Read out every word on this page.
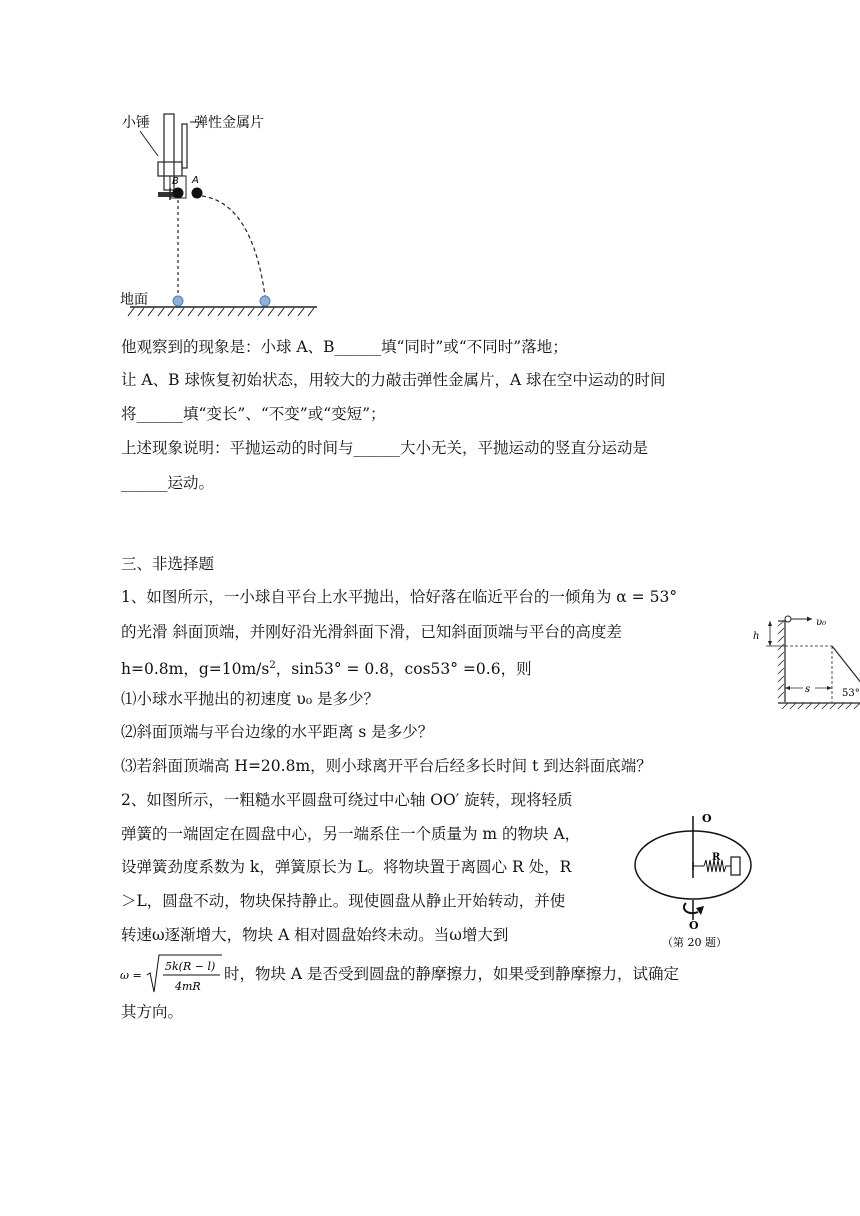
小锤	弹性金属片
地面
B A
他观察到的现象是：小球 A、B______填“同时”或“不同时”落地；
让 A、B 球恢复初始状态，用较大的力敲击弹性金属片，A 球在空中运动的时间
将______填“变长”、“不变”或“变短”；
上述现象说明：平抛运动的时间与______大小无关，平抛运动的竖直分运动是
______运动。
三、非选择题
1、如图所示，一小球自平台上水平抛出，恰好落在临近平台的一倾角为 α = 53°
的光滑 斜面顶端，并刚好沿光滑斜面下滑，已知斜面顶端与平台的高度差
h=0.8m，$g=10m/s^2$，sin53° = 0.8，cos53° =0.6，则
⑴小球水平抛出的初速度 υ₀ 是多少？
⑵斜面顶端与平台边缘的水平距离 s 是多少？
⑶若斜面顶端高 H=20.8m，则小球离开平台后经多长时间 t 到达斜面底端？
υ₀
h
s	53°
2、如图所示，一粗糙水平圆盘可绕过中心轴 OO′ 旋转，现将轻质
弹簧的一端固定在圆盘中心，另一端系住一个质量为 m 的物块 A，
设弹簧劲度系数为 k，弹簧原长为 L。将物块置于离圆心 R 处，R
＞L，圆盘不动，物块保持静止。现使圆盘从静止开始转动，并使
转速ω逐渐增大，物块 A 相对圆盘始终未动。当ω增大到
ω =
5k(R − l)
4mR
时，物块 A 是否受到圆盘的静摩擦力，如果受到静摩擦力，试确定
其方向。
O
R
O
（第 20 题）
